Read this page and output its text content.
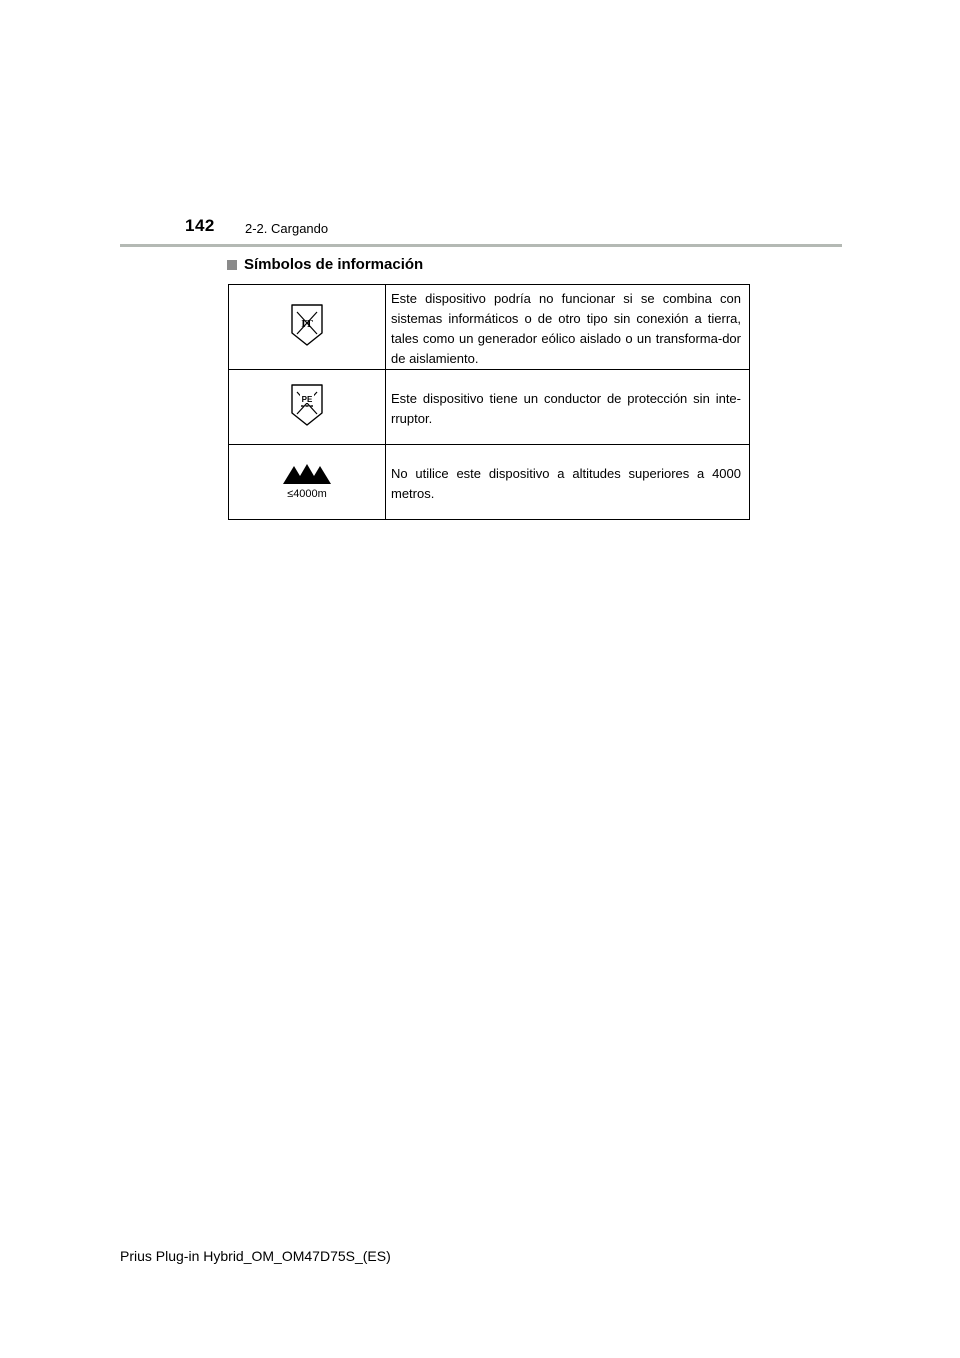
142 2-2. Cargando
Símbolos de información
IT	Este dispositivo podría no funcionar si se combina con sistemas informáticos o de otro tipo sin conexión a tierra, tales como un generador eólico aislado o un transforma-dor de aislamiento.

PE	Este dispositivo tiene un conductor de protección sin inte-rruptor.

≤4000m	No utilice este dispositivo a altitudes superiores a 4000 metros.
Prius Plug-in Hybrid_OM_OM47D75S_(ES)
